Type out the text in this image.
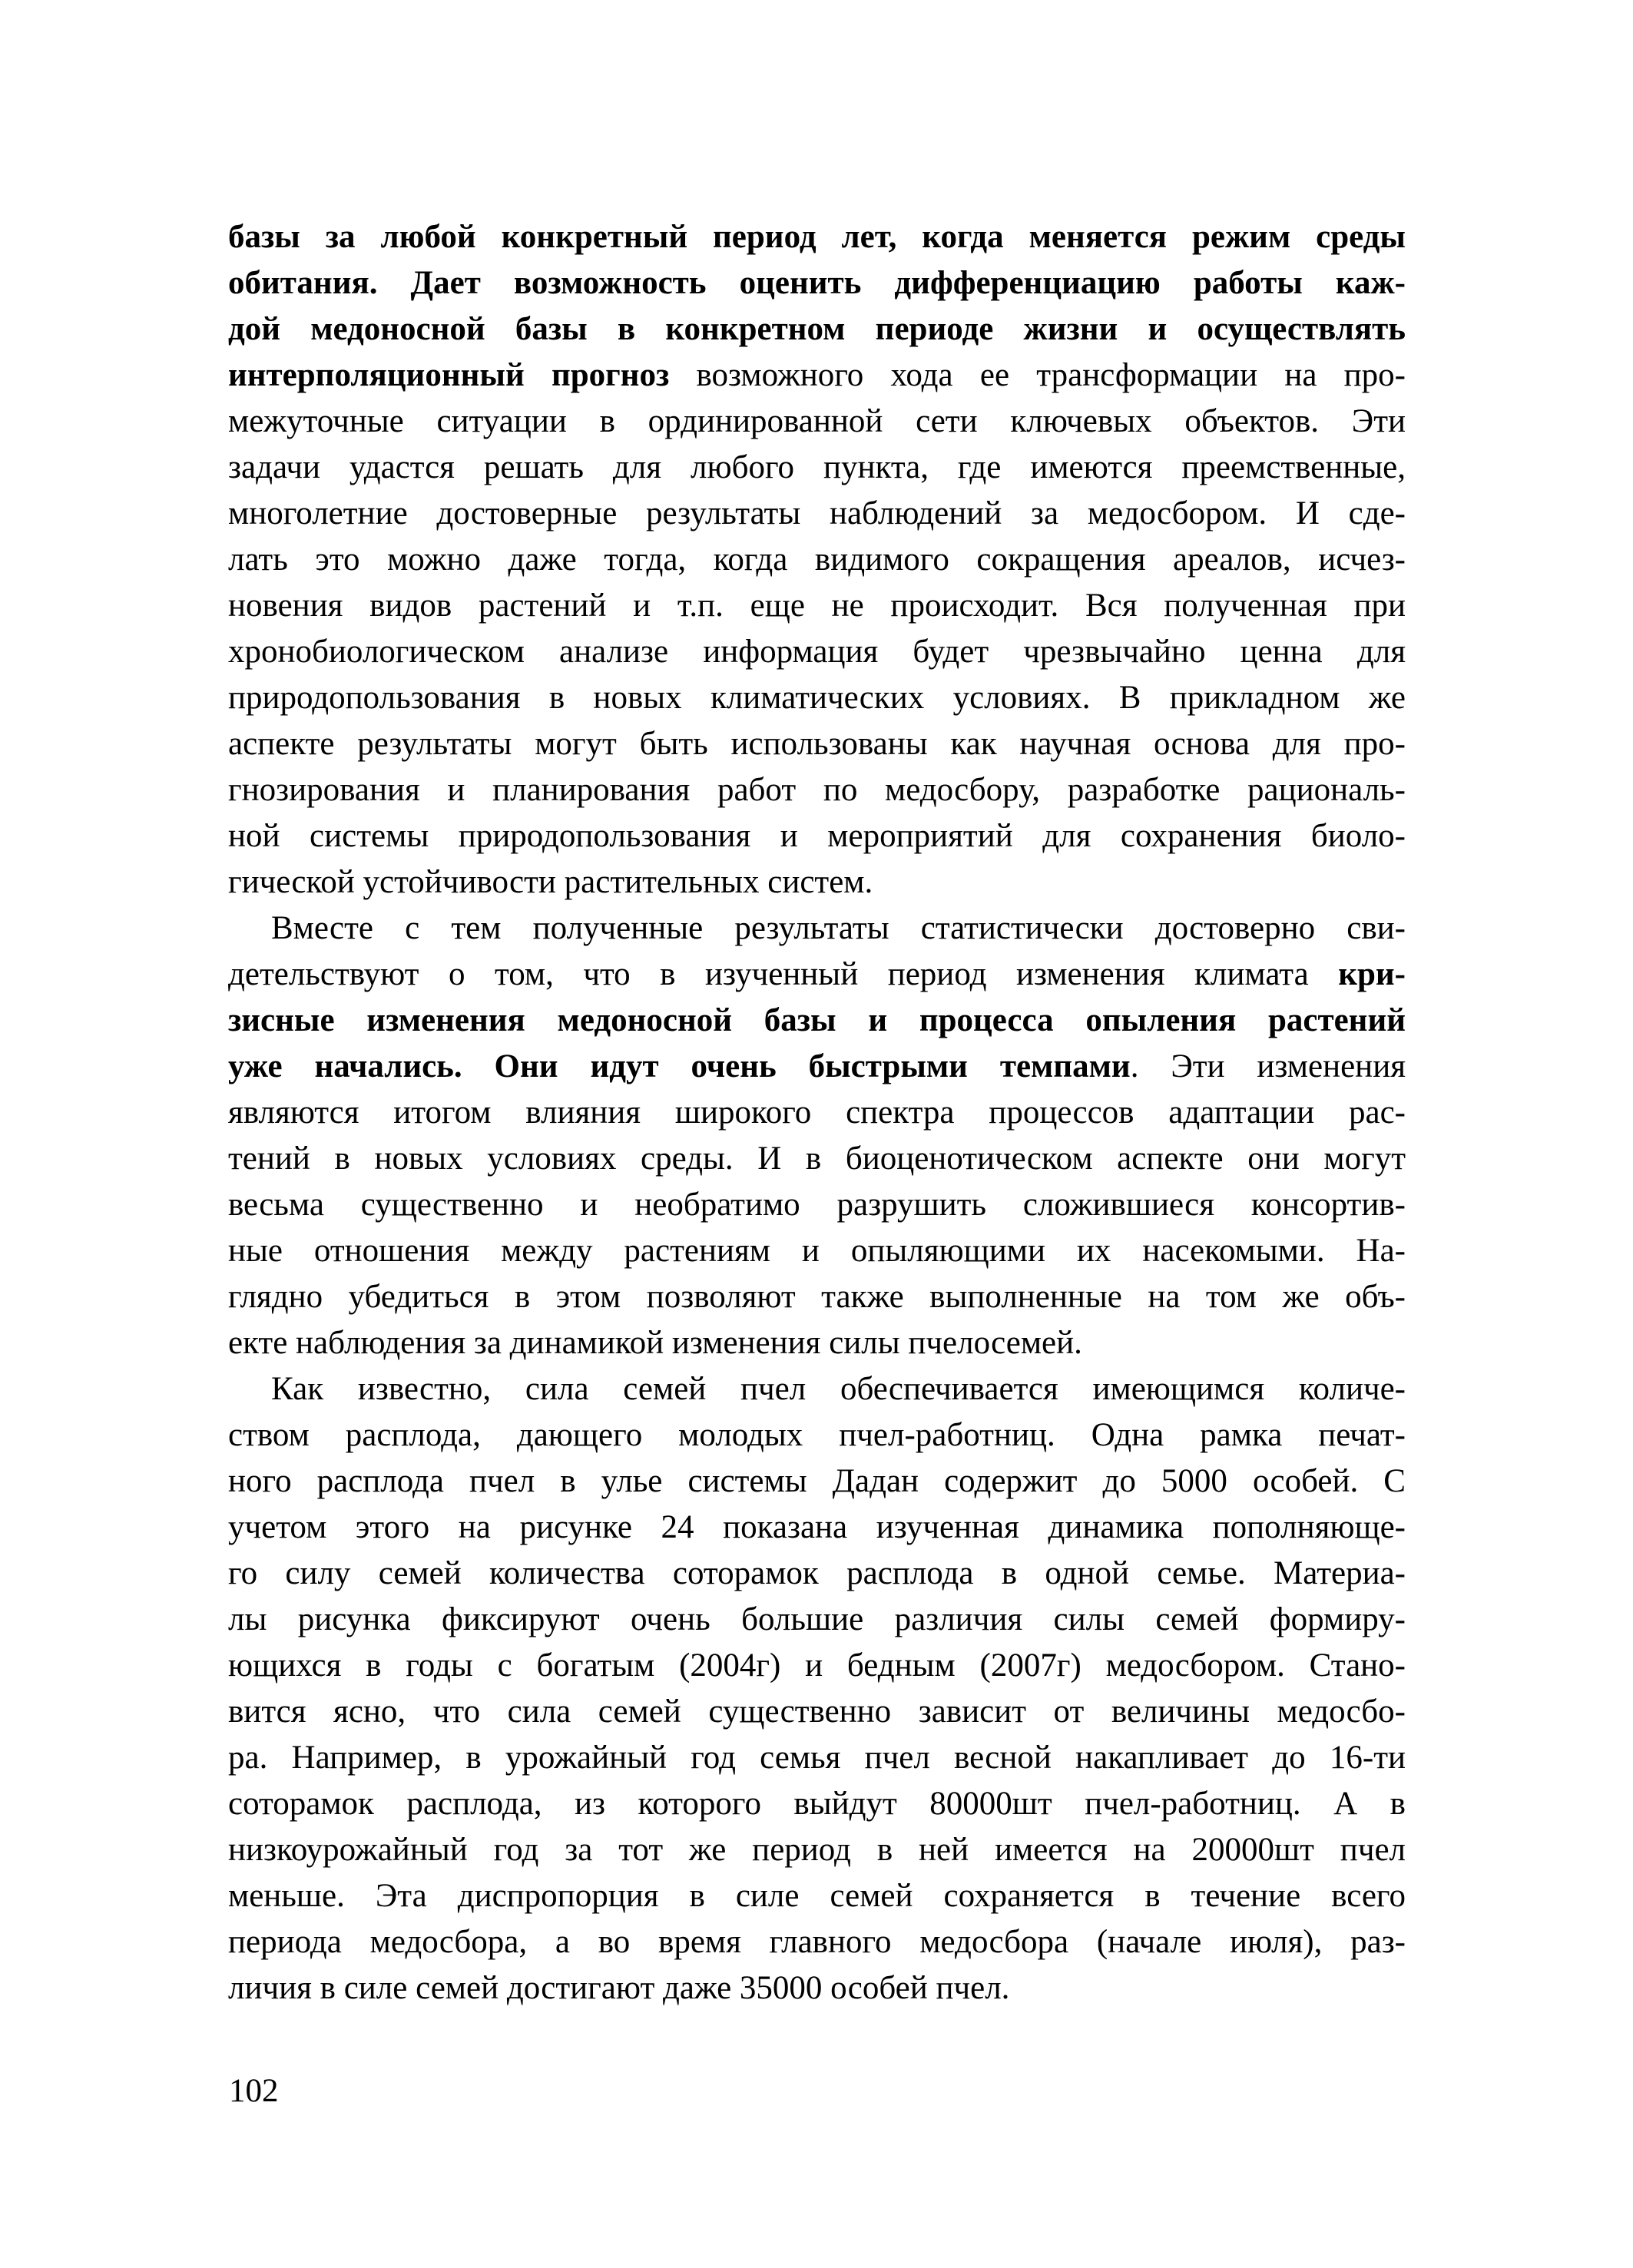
базы за любой конкретный период лет, когда меняется режим среды
обитания. Дает возможность оценить дифференциацию работы каж-
дой медоносной базы в конкретном периоде жизни и осуществлять
интерполяционный прогноз возможного хода ее трансформации на про-
межуточные ситуации в ординированной сети ключевых объектов. Эти
задачи удастся решать для любого пункта, где имеются преемственные,
многолетние достоверные результаты наблюдений за медосбором. И сде-
лать это можно даже тогда, когда видимого сокращения ареалов, исчез-
новения видов растений и т.п. еще не происходит. Вся полученная при
хронобиологическом анализе информация будет чрезвычайно ценна для
природопользования в новых климатических условиях. В прикладном же
аспекте результаты могут быть использованы как научная основа для про-
гнозирования и планирования работ по медосбору, разработке рациональ-
ной системы природопользования и мероприятий для сохранения биоло-
гической устойчивости растительных систем.
Вместе с тем полученные результаты статистически достоверно сви-
детельствуют о том, что в изученный период изменения климата кри-
зисные изменения медоносной базы и процесса опыления растений
уже начались. Они идут очень быстрыми темпами. Эти изменения
являются итогом влияния широкого спектра процессов адаптации рас-
тений в новых условиях среды. И в биоценотическом аспекте они могут
весьма существенно и необратимо разрушить сложившиеся консортив-
ные отношения между растениям и опыляющими их насекомыми. На-
глядно убедиться в этом позволяют также выполненные на том же объ-
екте наблюдения за динамикой изменения силы пчелосемей.
Как известно, сила семей пчел обеспечивается имеющимся количе-
ством расплода, дающего молодых пчел-работниц. Одна рамка печат-
ного расплода пчел в улье системы Дадан содержит до 5000 особей. С
учетом этого на рисунке 24 показана изученная динамика пополняюще-
го силу семей количества соторамок расплода в одной семье. Материа-
лы рисунка фиксируют очень большие различия силы семей формиру-
ющихся в годы с богатым (2004г) и бедным (2007г) медосбором. Стано-
вится ясно, что сила семей существенно зависит от величины медосбо-
ра. Например, в урожайный год семья пчел весной накапливает до 16-ти
соторамок расплода, из которого выйдут 80000шт пчел-работниц. А в
низкоурожайный год за тот же период в ней имеется на 20000шт пчел
меньше. Эта диспропорция в силе семей сохраняется в течение всего
периода медосбора, а во время главного медосбора (начале июля), раз-
личия в силе семей достигают даже 35000 особей пчел.
102
